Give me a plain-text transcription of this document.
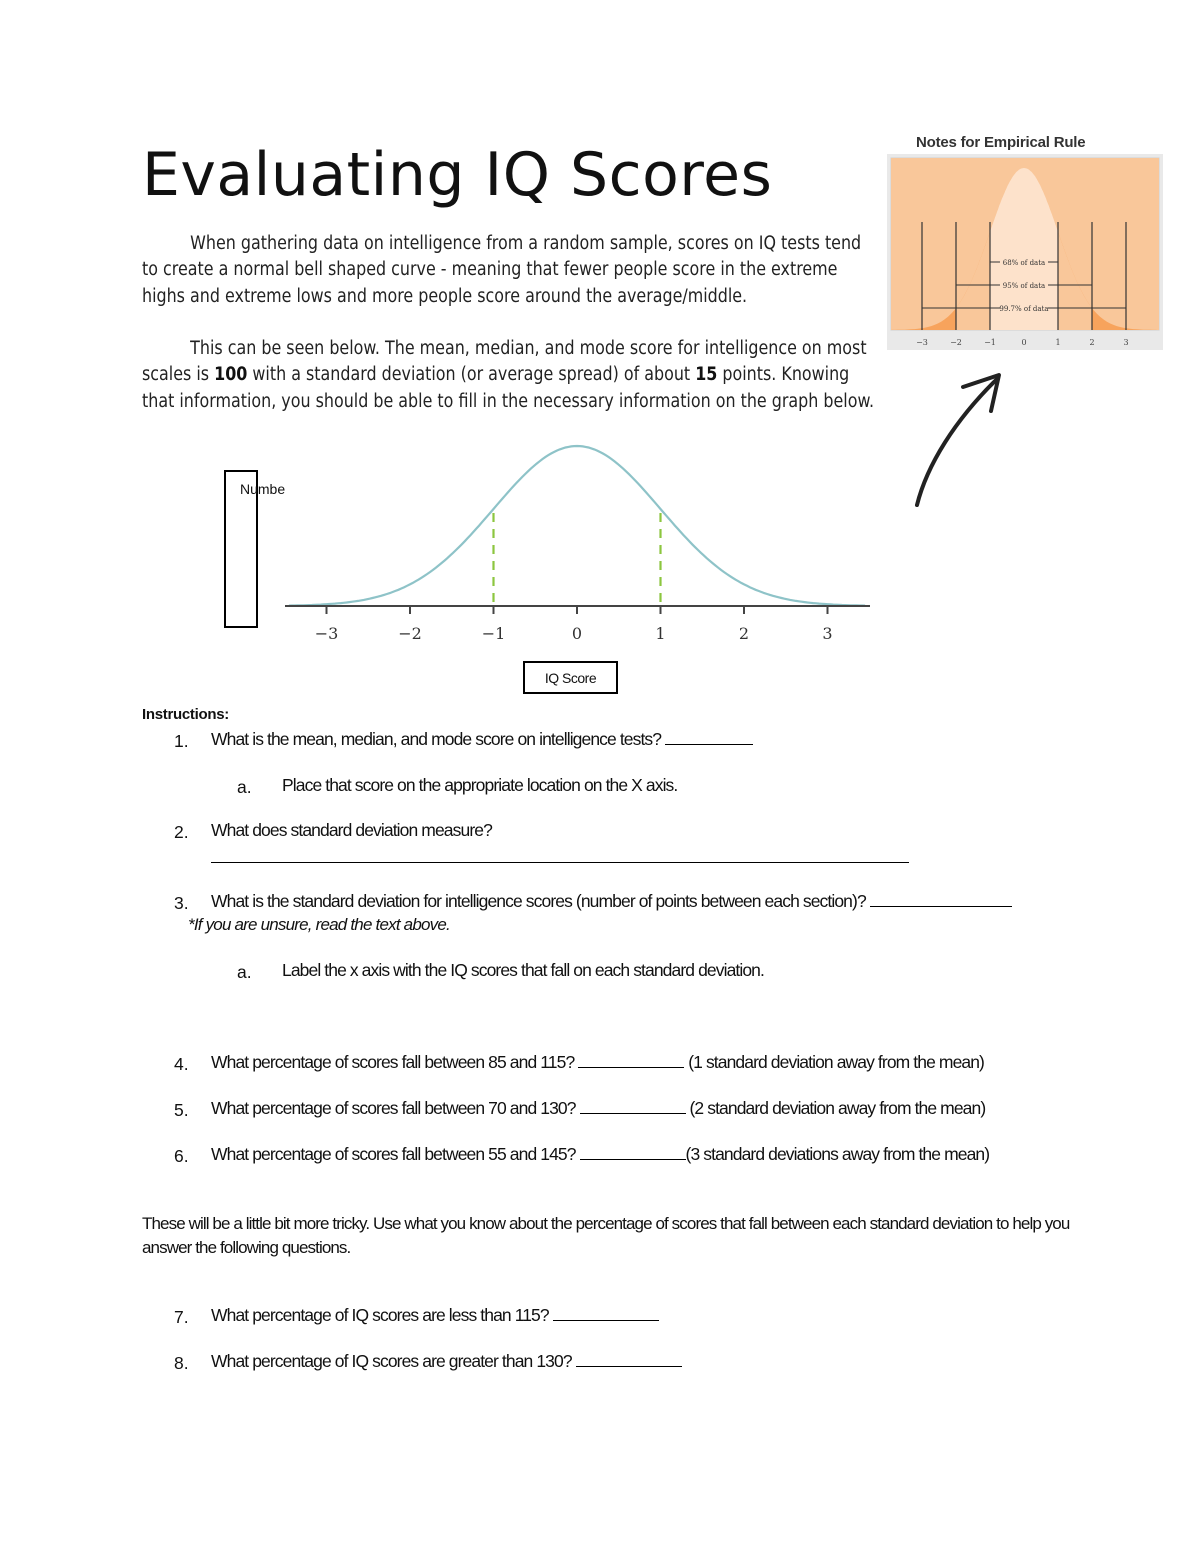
Evaluating IQ Scores
When gathering data on intelligence from a random sample, scores on IQ tests tend to create a normal bell shaped curve - meaning that fewer people score in the extreme highs and extreme lows and more people score around the average/middle.
This can be seen below. The mean, median, and mode score for intelligence on most scales is 100 with a standard deviation (or average spread) of about 15 points. Knowing that information, you should be able to fill in the necessary information on the graph below.
Notes for Empirical Rule
68% of data
95% of data
99.7% of data
−3	−2	−1	0	1	2	3
−3	−2	−1	0	1	2	3
Numbe
IQ Score
Instructions:
1. What is the mean, median, and mode score on intelligence tests?
a. Place that score on the appropriate location on the X axis.
2. What does standard deviation measure?
3. What is the standard deviation for intelligence scores (number of points between each section)?
*If you are unsure, read the text above.
a. Label the x axis with the IQ scores that fall on each standard deviation.
4. What percentage of scores fall between 85 and 115?	(1 standard deviation away from the mean)
5. What percentage of scores fall between 70 and 130?	(2 standard deviation away from the mean)
6. What percentage of scores fall between 55 and 145?	(3 standard deviations away from the mean)
These will be a little bit more tricky. Use what you know about the percentage of scores that fall between each standard deviation to help you answer the following questions.
7. What percentage of IQ scores are less than 115?
8. What percentage of IQ scores are greater than 130?
